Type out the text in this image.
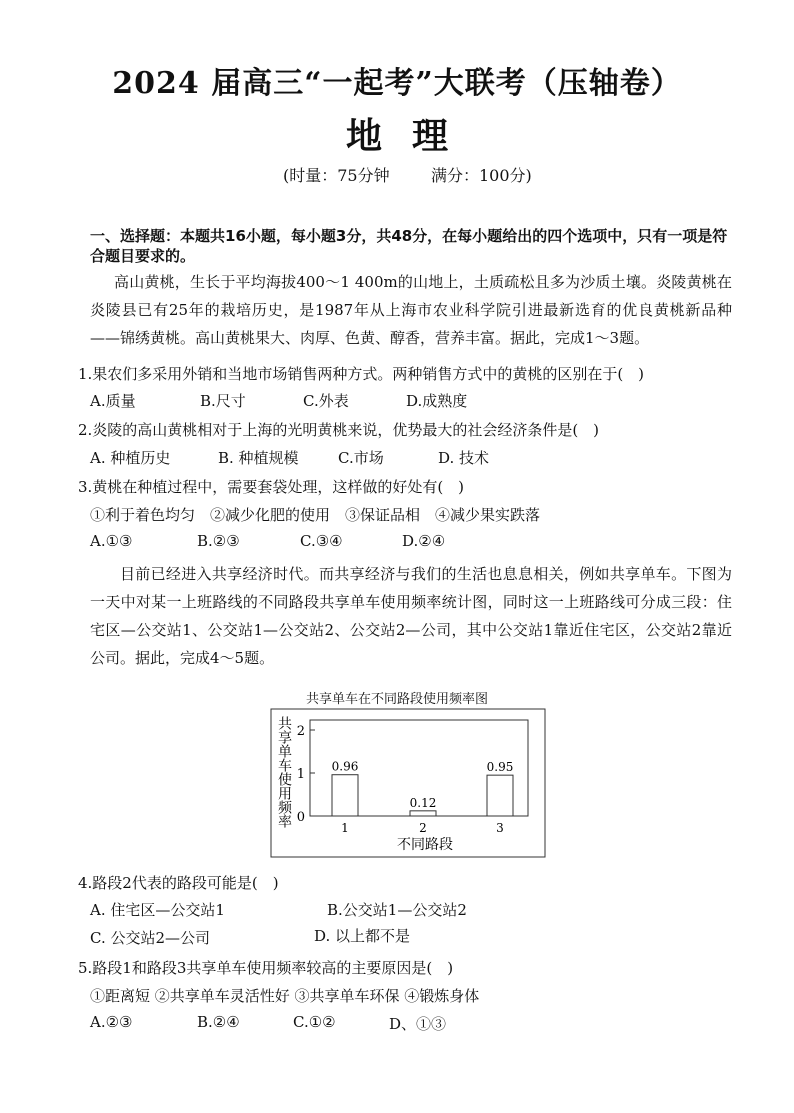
2024 届高三“一起考”大联考（压轴卷）
地理
(时量：75分钟	满分：100分)
一、选择题：本题共16小题，每小题3分，共48分，在每小题给出的四个选项中，只有一项是符合题目要求的。
高山黄桃，生长于平均海拔400～1 400m的山地上，土质疏松且多为沙质土壤。炎陵黄桃在炎陵县已有25年的栽培历史，是1987年从上海市农业科学院引进最新选育的优良黄桃新品种——锦绣黄桃。高山黄桃果大、肉厚、色黄、醇香，营养丰富。据此，完成1～3题。
1.果农们多采用外销和当地市场销售两种方式。两种销售方式中的黄桃的区别在于(　)
A.质量	B.尺寸	C.外表	D.成熟度
2.炎陵的高山黄桃相对于上海的光明黄桃来说，优势最大的社会经济条件是(　)
A. 种植历史	B. 种植规模	C.市场	D. 技术
3.黄桃在种植过程中，需要套袋处理，这样做的好处有(　)
①利于着色均匀　②减少化肥的使用　③保证品相　④减少果实跌落
A.①③	B.②③	C.③④	D.②④
目前已经进入共享经济时代。而共享经济与我们的生活也息息相关，例如共享单车。下图为一天中对某一上班路线的不同路段共享单车使用频率统计图，同时这一上班路线可分成三段：住宅区—公交站1、公交站1—公交站2、公交站2—公司，其中公交站1靠近住宅区，公交站2靠近公司。据此，完成4～5题。
共享单车在不同路段使用频率图
共享单车使用频率 0
1
2
0.96
1
0.12
2
0.95
3
不同路段
4.路段2代表的路段可能是(　)
A. 住宅区—公交站1	B.公交站1—公交站2
C. 公交站2—公司	D. 以上都不是
5.路段1和路段3共享单车使用频率较高的主要原因是(　)
①距离短 ②共享单车灵活性好 ③共享单车环保 ④锻炼身体
A.②③	B.②④	C.①②	D、①③
